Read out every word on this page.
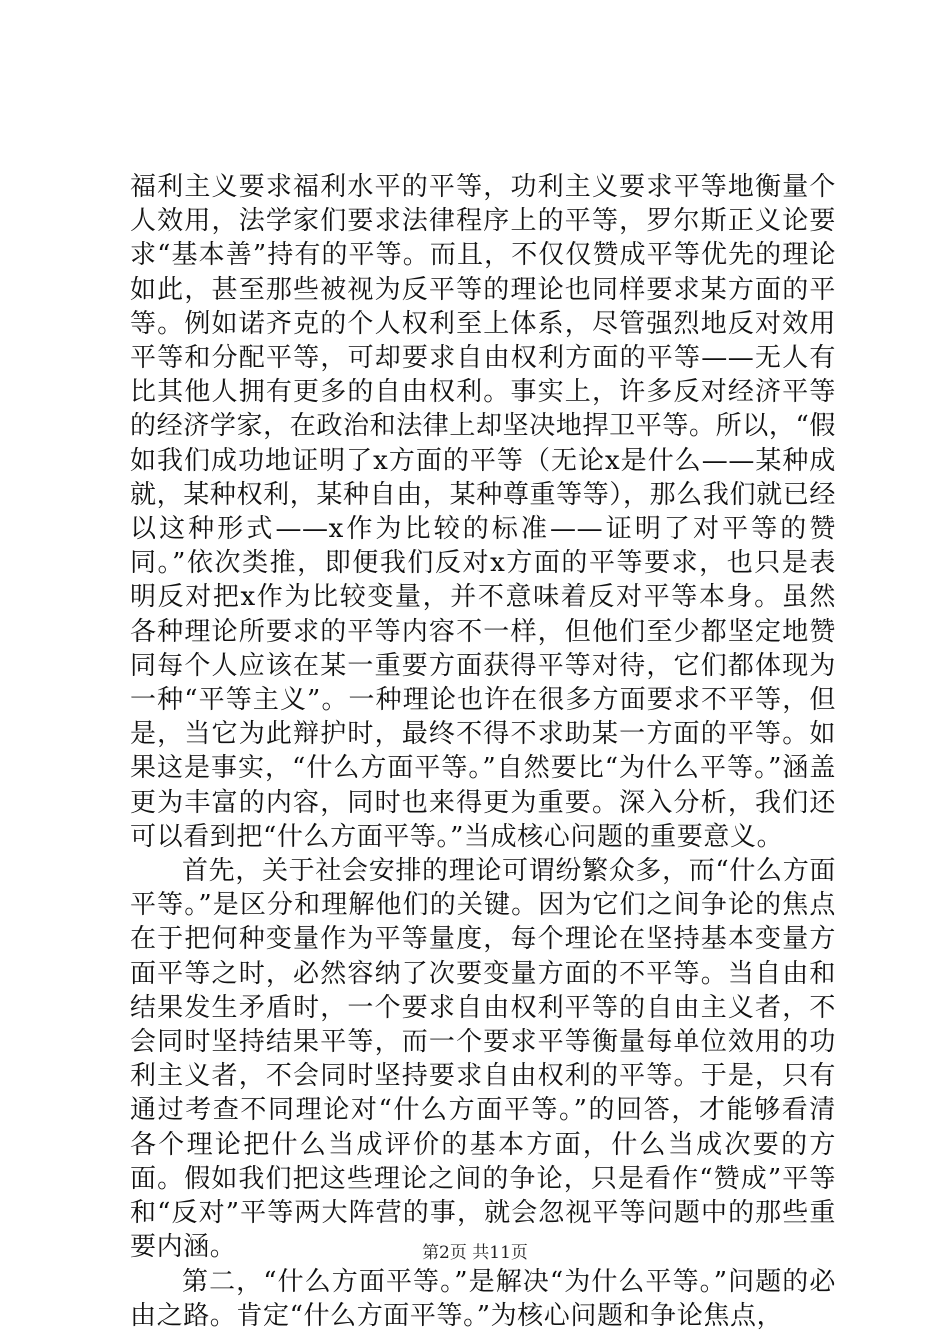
福利主义要求福利水平的平等，功利主义要求平等地衡量个人效用，法学家们要求法律程序上的平等，罗尔斯正义论要求“基本善”持有的平等。而且，不仅仅赞成平等优先的理论如此，甚至那些被视为反平等的理论也同样要求某方面的平等。例如诺齐克的个人权利至上体系，尽管强烈地反对效用平等和分配平等，可却要求自由权利方面的平等——无人有比其他人拥有更多的自由权利。事实上，许多反对经济平等的经济学家，在政治和法律上却坚决地捍卫平等。所以，“假如我们成功地证明了x方面的平等（无论x是什么——某种成就，某种权利，某种自由，某种尊重等等），那么我们就已经以这种形式——x作为比较的标准——证明了对平等的赞同。”依次类推，即便我们反对x方面的平等要求，也只是表明反对把x作为比较变量，并不意味着反对平等本身。虽然各种理论所要求的平等内容不一样，但他们至少都坚定地赞同每个人应该在某一重要方面获得平等对待，它们都体现为一种“平等主义”。一种理论也许在很多方面要求不平等，但是，当它为此辩护时，最终不得不求助某一方面的平等。如果这是事实，“什么方面平等。”自然要比“为什么平等。”涵盖更为丰富的内容，同时也来得更为重要。深入分析，我们还可以看到把“什么方面平等。”当成核心问题的重要意义。

首先，关于社会安排的理论可谓纷繁众多，而“什么方面平等。”是区分和理解他们的关键。因为它们之间争论的焦点在于把何种变量作为平等量度，每个理论在坚持基本变量方面平等之时，必然容纳了次要变量方面的不平等。当自由和结果发生矛盾时，一个要求自由权利平等的自由主义者，不会同时坚持结果平等，而一个要求平等衡量每单位效用的功利主义者，不会同时坚持要求自由权利的平等。于是，只有通过考查不同理论对“什么方面平等。”的回答，才能够看清各个理论把什么当成评价的基本方面，什么当成次要的方面。假如我们把这些理论之间的争论，只是看作“赞成”平等和“反对”平等两大阵营的事，就会忽视平等问题中的那些重要内涵。

第二，“什么方面平等。”是解决“为什么平等。”问题的必由之路。肯定“什么方面平等。”为核心问题和争论焦点，

第2页 共11页
